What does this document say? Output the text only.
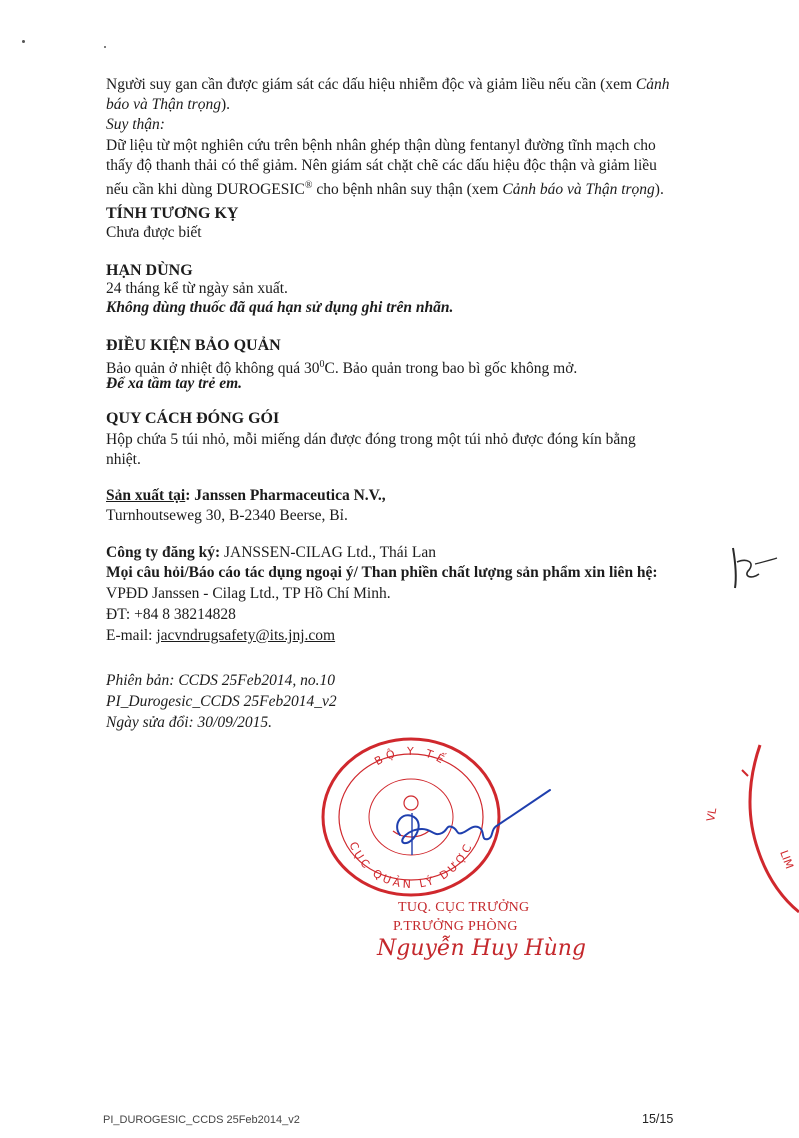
Người suy gan cần được giám sát các dấu hiệu nhiễm độc và giảm liều nếu cần (xem Cảnh
báo và Thận trọng).
Suy thận:
Dữ liệu từ một nghiên cứu trên bệnh nhân ghép thận dùng fentanyl đường tĩnh mạch cho
thấy độ thanh thải có thể giảm. Nên giám sát chặt chẽ các dấu hiệu độc thận và giảm liều
nếu cần khi dùng DUROGESIC® cho bệnh nhân suy thận (xem Cảnh báo và Thận trọng).
TÍNH TƯƠNG KỴ
Chưa được biết
HẠN DÙNG
24 tháng kể từ ngày sản xuất.
Không dùng thuốc đã quá hạn sử dụng ghi trên nhãn.
ĐIỀU KIỆN BẢO QUẢN
Bảo quản ở nhiệt độ không quá $30^0C$. Bảo quản trong bao bì gốc không mở.
Để xa tầm tay trẻ em.
QUY CÁCH ĐÓNG GÓI
Hộp chứa 5 túi nhỏ, mỗi miếng dán được đóng trong một túi nhỏ được đóng kín bằng
nhiệt.
Sản xuất tại: Janssen Pharmaceutica N.V.,
Turnhoutseweg 30, B-2340 Beerse, Bỉ.
Công ty đăng ký: JANSSEN-CILAG Ltd., Thái Lan
Mọi câu hỏi/Báo cáo tác dụng ngoại ý/ Than phiền chất lượng sản phẩm xin liên hệ:
VPĐD Janssen - Cilag Ltd., TP Hồ Chí Minh.
ĐT: +84 8 38214828
E-mail: jacvndrugsafety@its.jnj.com
Phiên bản: CCDS 25Feb2014, no.10
PI_Durogesic_CCDS 25Feb2014_v2
Ngày sửa đổi: 30/09/2015.
VL
LIM
BỘ Y TẾ
CỤC QUẢN LÝ DƯỢC
TUQ. CỤC TRƯỞNG
P.TRƯỞNG PHÒNG
Nguyễn Huy Hùng
PI_DUROGESIC_CCDS 25Feb2014_v2	15/15
